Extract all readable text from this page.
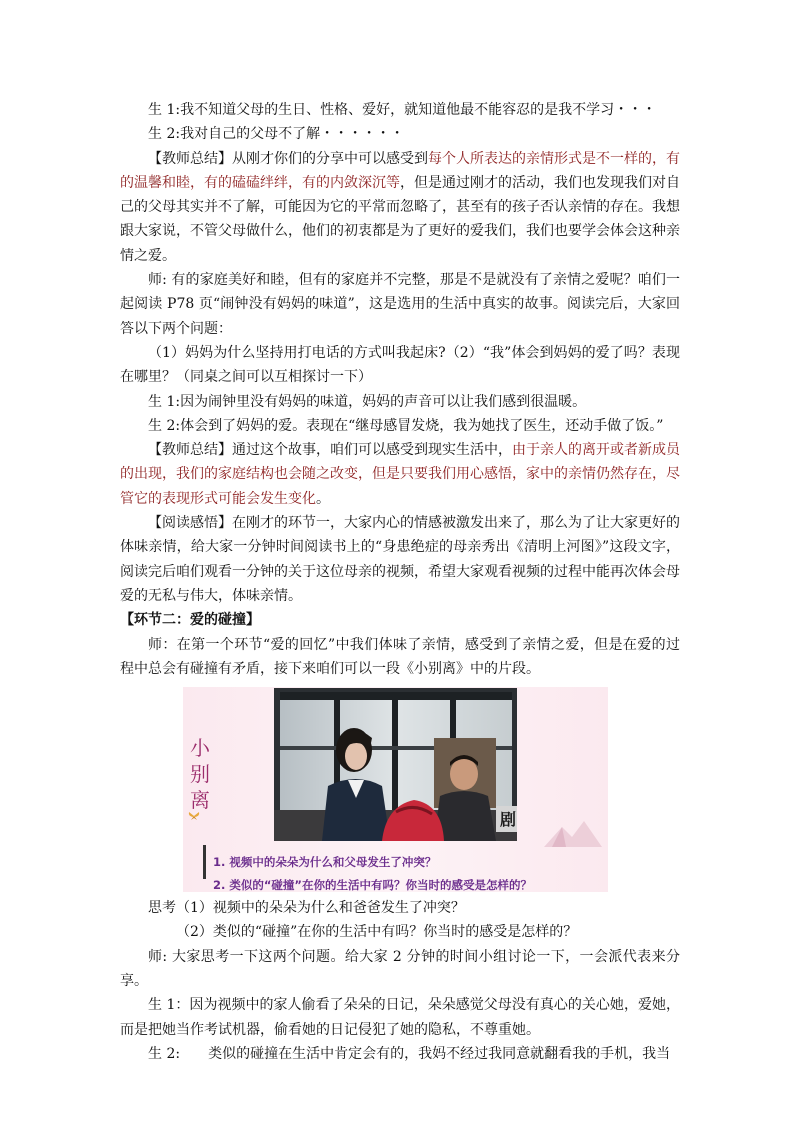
生 1:我不知道父母的生日、性格、爱好，就知道他最不能容忍的是我不学习・・・

生 2:我对自己的父母不了解・・・・・・

【教师总结】从刚才你们的分享中可以感受到每个人所表达的亲情形式是不一样的，有的温馨和睦，有的磕磕绊绊，有的内敛深沉等，但是通过刚才的活动，我们也发现我们对自己的父母其实并不了解，可能因为它的平常而忽略了，甚至有的孩子否认亲情的存在。我想跟大家说，不管父母做什么，他们的初衷都是为了更好的爱我们，我们也要学会体会这种亲情之爱。

师: 有的家庭美好和睦，但有的家庭并不完整，那是不是就没有了亲情之爱呢？咱们一起阅读 P78 页“闹钟没有妈妈的味道”，这是选用的生活中真实的故事。阅读完后，大家回答以下两个问题：

（1）妈妈为什么坚持用打电话的方式叫我起床?（2）“我”体会到妈妈的爱了吗？表现在哪里？（同桌之间可以互相探讨一下）

生 1:因为闹钟里没有妈妈的味道，妈妈的声音可以让我们感到很温暖。

生 2:体会到了妈妈的爱。表现在“继母感冒发烧，我为她找了医生，还动手做了饭。”

【教师总结】通过这个故事，咱们可以感受到现实生活中，由于亲人的离开或者新成员的出现，我们的家庭结构也会随之改变，但是只要我们用心感悟，家中的亲情仍然存在，尽管它的表现形式可能会发生变化。

【阅读感悟】在刚才的环节一，大家内心的情感被激发出来了，那么为了让大家更好的体味亲情，给大家一分钟时间阅读书上的“身患绝症的母亲秀出《清明上河图》”这段文字，阅读完后咱们观看一分钟的关于这位母亲的视频，希望大家观看视频的过程中能再次体会母爱的无私与伟大，体味亲情。

【环节二：爱的碰撞】

师：在第一个环节“爱的回忆”中我们体味了亲情，感受到了亲情之爱，但是在爱的过程中总会有碰撞有矛盾，接下来咱们可以一段《小别离》中的片段。

小
别
离
剧
1. 视频中的朵朵为什么和父母发生了冲突？
2. 类似的“碰撞”在你的生活中有吗？你当时的感受是怎样的？

思考（1）视频中的朵朵为什么和爸爸发生了冲突？

（2）类似的“碰撞”在你的生活中有吗？你当时的感受是怎样的？

师: 大家思考一下这两个问题。给大家 2 分钟的时间小组讨论一下，一会派代表来分享。

生 1：因为视频中的家人偷看了朵朵的日记，朵朵感觉父母没有真心的关心她，爱她，而是把她当作考试机器，偷看她的日记侵犯了她的隐私，不尊重她。

生 2:　　类似的碰撞在生活中肯定会有的，我妈不经过我同意就翻看我的手机，我当
